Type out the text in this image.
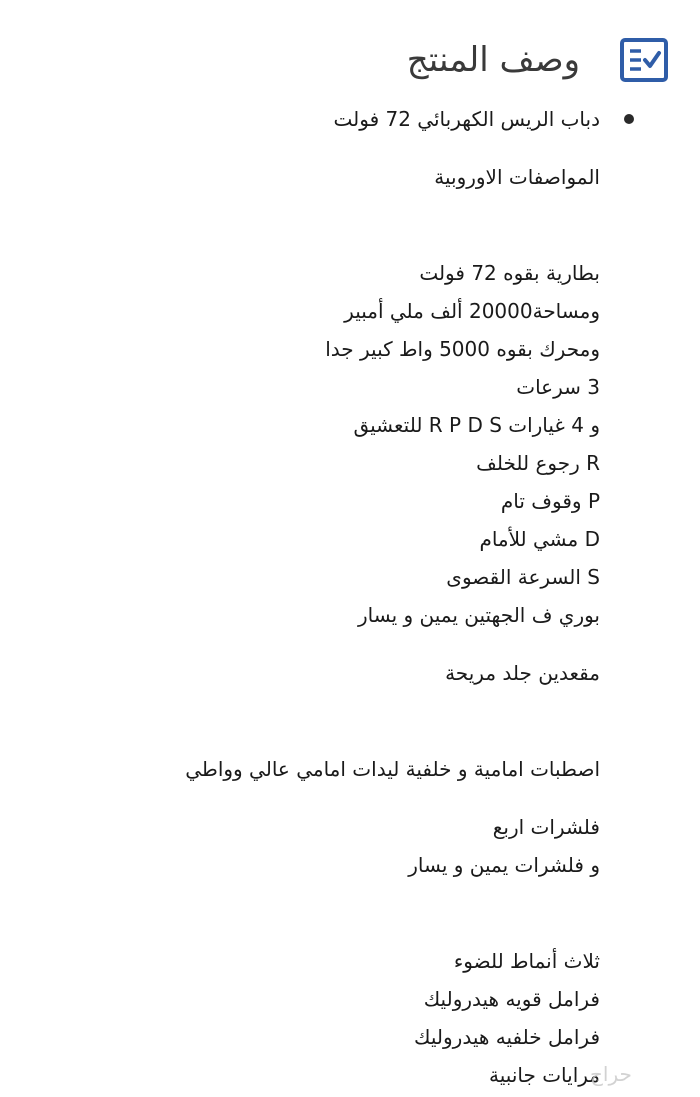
وصف المنتج
دباب الريس الكهربائي 72 فولت
المواصفات الاوروبية
بطارية بقوه 72 فولت
ومساحة20000 ألف ملي أمبير
ومحرك بقوه 5000 واط كبير جدا
3 سرعات
و 4 غيارات R P D S للتعشيق
R رجوع للخلف
P وقوف تام
D مشي للأمام
S السرعة القصوى
بوري ف الجهتين يمين و يسار
مقعدين جلد مريحة
اصطبات امامية و خلفية ليدات امامي عالي وواطي
فلشرات اربع
و فلشرات يمين و يسار
ثلاث أنماط للضوء
فرامل قويه هيدروليك
فرامل خلفيه هيدروليك
مرايات جانبية
حراج
